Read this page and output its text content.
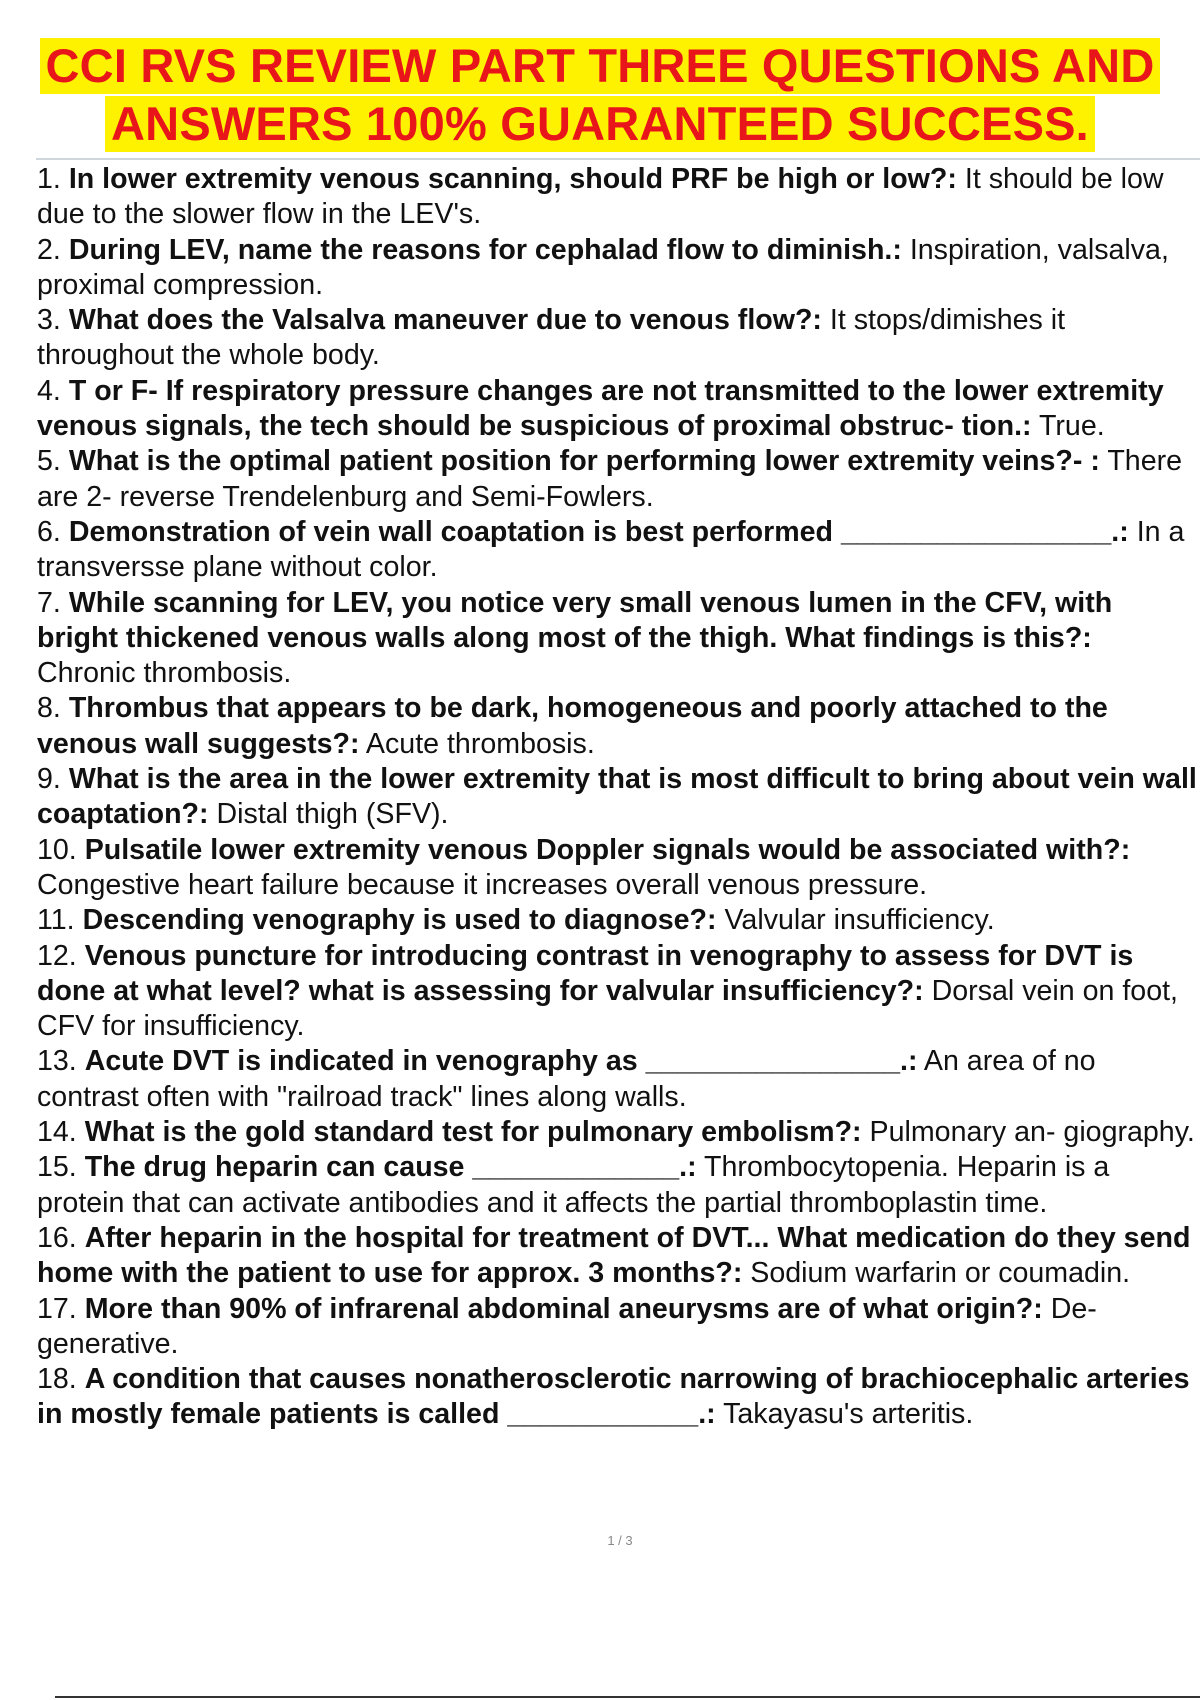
CCI RVS REVIEW PART THREE QUESTIONS AND
ANSWERS 100% GUARANTEED SUCCESS.
1. In lower extremity venous scanning, should PRF be high or low?: It should be low due to the slower flow in the LEV's.
2. During LEV, name the reasons for cephalad flow to diminish.: Inspiration, valsalva, proximal compression.
3. What does the Valsalva maneuver due to venous flow?: It stops/dimishes it throughout the whole body.
4. T or F- If respiratory pressure changes are not transmitted to the lower extremity venous signals, the tech should be suspicious of proximal obstruc- tion.: True.
5. What is the optimal patient position for performing lower extremity veins?- : There are 2- reverse Trendelenburg and Semi-Fowlers.
6. Demonstration of vein wall coaptation is best performed _________________.: In a transversse plane without color.
7. While scanning for LEV, you notice very small venous lumen in the CFV, with bright thickened venous walls along most of the thigh. What findings is this?: Chronic thrombosis.
8. Thrombus that appears to be dark, homogeneous and poorly attached to the venous wall suggests?: Acute thrombosis.
9. What is the area in the lower extremity that is most difficult to bring about vein wall coaptation?: Distal thigh (SFV).
10. Pulsatile lower extremity venous Doppler signals would be associated with?: Congestive heart failure because it increases overall venous pressure.
11. Descending venography is used to diagnose?: Valvular insufficiency.
12. Venous puncture for introducing contrast in venography to assess for DVT is done at what level? what is assessing for valvular insufficiency?: Dorsal vein on foot, CFV for insufficiency.
13. Acute DVT is indicated in venography as ________________.: An area of no contrast often with "railroad track" lines along walls.
14. What is the gold standard test for pulmonary embolism?: Pulmonary an- giography.
15. The drug heparin can cause _____________.: Thrombocytopenia. Heparin is a protein that can activate antibodies and it affects the partial thromboplastin time.
16. After heparin in the hospital for treatment of DVT... What medication do they send home with the patient to use for approx. 3 months?: Sodium warfarin or coumadin.
17. More than 90% of infrarenal abdominal aneurysms are of what origin?: De- generative.
18. A condition that causes nonatherosclerotic narrowing of brachiocephalic arteries in mostly female patients is called ____________.: Takayasu's arteritis.
1 / 3
